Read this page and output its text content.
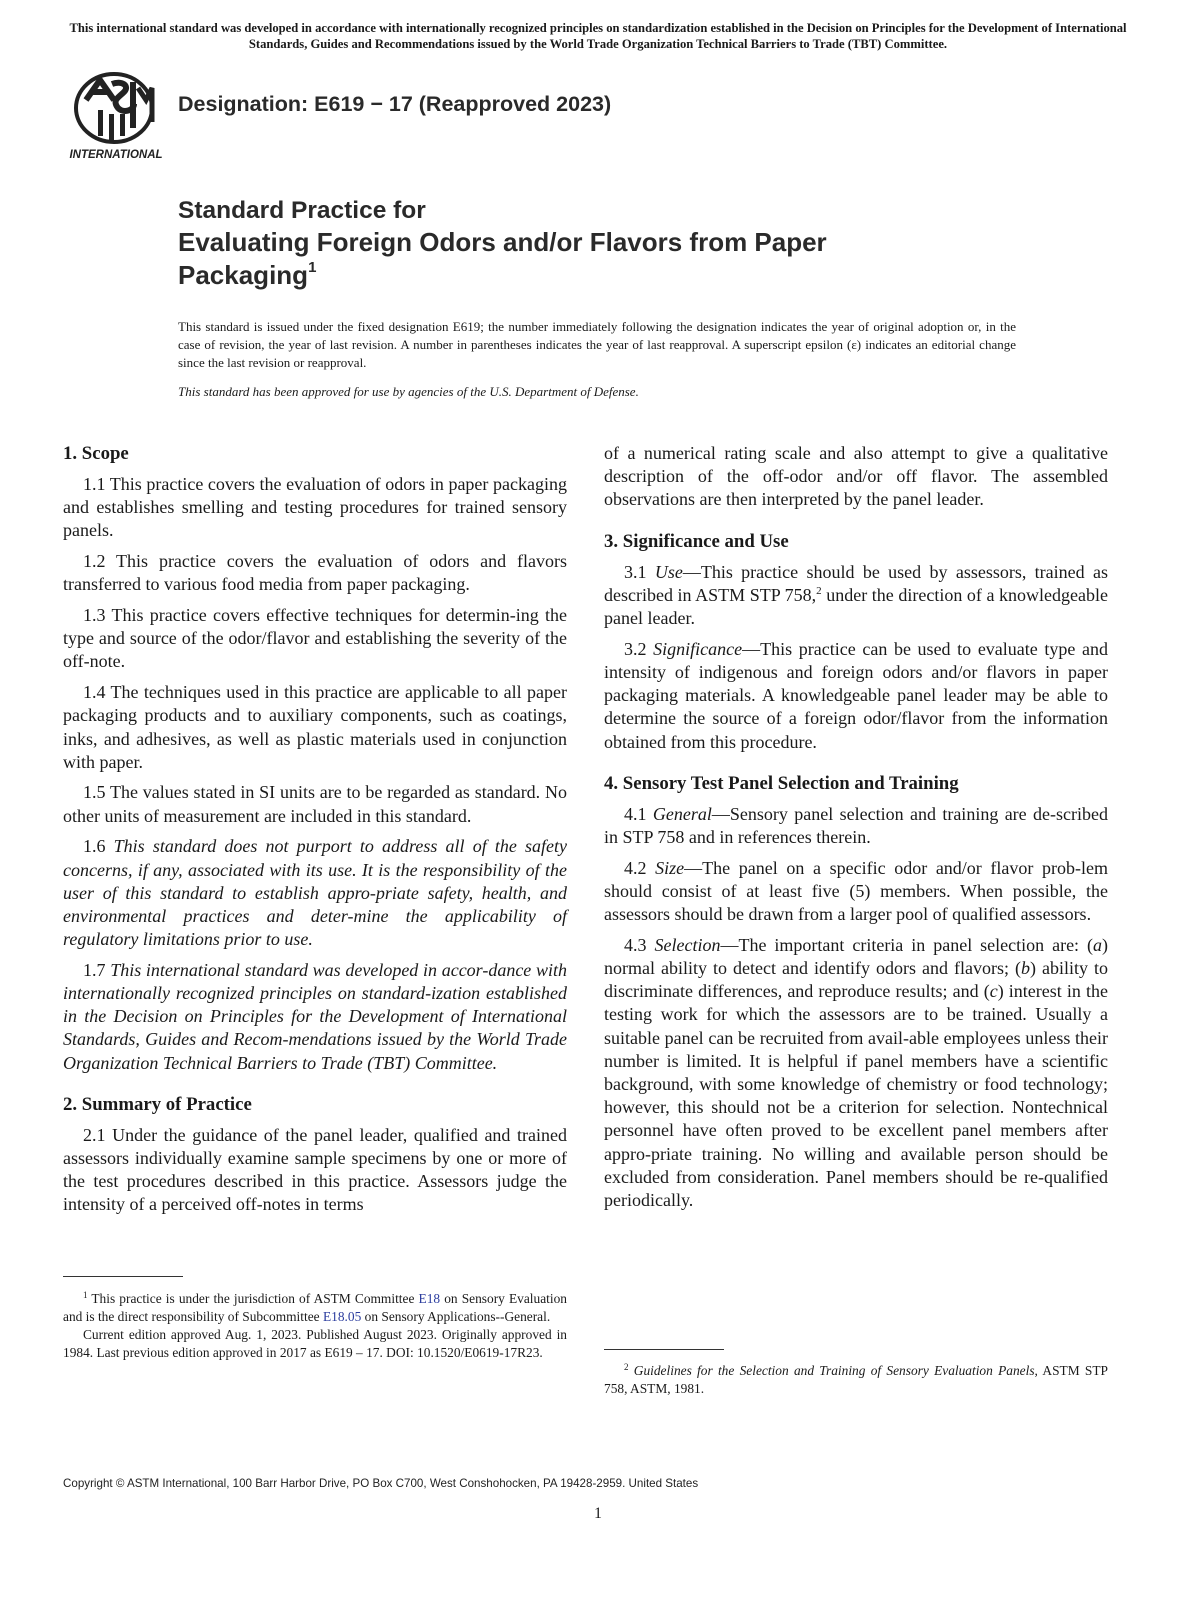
This international standard was developed in accordance with internationally recognized principles on standardization established in the Decision on Principles for the Development of International Standards, Guides and Recommendations issued by the World Trade Organization Technical Barriers to Trade (TBT) Committee.
INTERNATIONAL
Designation: E619 − 17 (Reapproved 2023)
Standard Practice for
Evaluating Foreign Odors and/or Flavors from Paper
Packaging$^1$
This standard is issued under the fixed designation E619; the number immediately following the designation indicates the year of original adoption or, in the case of revision, the year of last revision. A number in parentheses indicates the year of last reapproval. A superscript epsilon (ε) indicates an editorial change since the last revision or reapproval.
This standard has been approved for use by agencies of the U.S. Department of Defense.
1. Scope

1.1 This practice covers the evaluation of odors in paper packaging and establishes smelling and testing procedures for trained sensory panels.

1.2 This practice covers the evaluation of odors and flavors transferred to various food media from paper packaging.

1.3 This practice covers effective techniques for determin-ing the type and source of the odor/flavor and establishing the severity of the off-note.

1.4 The techniques used in this practice are applicable to all paper packaging products and to auxiliary components, such as coatings, inks, and adhesives, as well as plastic materials used in conjunction with paper.

1.5 The values stated in SI units are to be regarded as standard. No other units of measurement are included in this standard.

1.6 This standard does not purport to address all of the safety concerns, if any, associated with its use. It is the responsibility of the user of this standard to establish appro-priate safety, health, and environmental practices and deter-mine the applicability of regulatory limitations prior to use.

1.7 This international standard was developed in accor-dance with internationally recognized principles on standard-ization established in the Decision on Principles for the Development of International Standards, Guides and Recom-mendations issued by the World Trade Organization Technical Barriers to Trade (TBT) Committee.

2. Summary of Practice

2.1 Under the guidance of the panel leader, qualified and trained assessors individually examine sample specimens by one or more of the test procedures described in this practice. Assessors judge the intensity of a perceived off-notes in terms

of a numerical rating scale and also attempt to give a qualitative description of the off-odor and/or off flavor. The assembled observations are then interpreted by the panel leader.

3. Significance and Use

3.1 Use—This practice should be used by assessors, trained as described in ASTM STP 758,$^2$ under the direction of a knowledgeable panel leader.

3.2 Significance—This practice can be used to evaluate type and intensity of indigenous and foreign odors and/or flavors in paper packaging materials. A knowledgeable panel leader may be able to determine the source of a foreign odor/flavor from the information obtained from this procedure.

4. Sensory Test Panel Selection and Training

4.1 General—Sensory panel selection and training are de-scribed in STP 758 and in references therein.

4.2 Size—The panel on a specific odor and/or flavor prob-lem should consist of at least five (5) members. When possible, the assessors should be drawn from a larger pool of qualified assessors.

4.3 Selection—The important criteria in panel selection are: (a) normal ability to detect and identify odors and flavors; (b) ability to discriminate differences, and reproduce results; and (c) interest in the testing work for which the assessors are to be trained. Usually a suitable panel can be recruited from avail-able employees unless their number is limited. It is helpful if panel members have a scientific background, with some knowledge of chemistry or food technology; however, this should not be a criterion for selection. Nontechnical personnel have often proved to be excellent panel members after appro-priate training. No willing and available person should be excluded from consideration. Panel members should be re-qualified periodically.

$^1$ This practice is under the jurisdiction of ASTM Committee E18 on Sensory Evaluation and is the direct responsibility of Subcommittee E18.05 on Sensory Applications--General.

Current edition approved Aug. 1, 2023. Published August 2023. Originally approved in 1984. Last previous edition approved in 2017 as E619 – 17. DOI: 10.1520/E0619-17R23.

$^2$ Guidelines for the Selection and Training of Sensory Evaluation Panels, ASTM STP 758, ASTM, 1981.

Copyright © ASTM International, 100 Barr Harbor Drive, PO Box C700, West Conshohocken, PA 19428-2959. United States
1
